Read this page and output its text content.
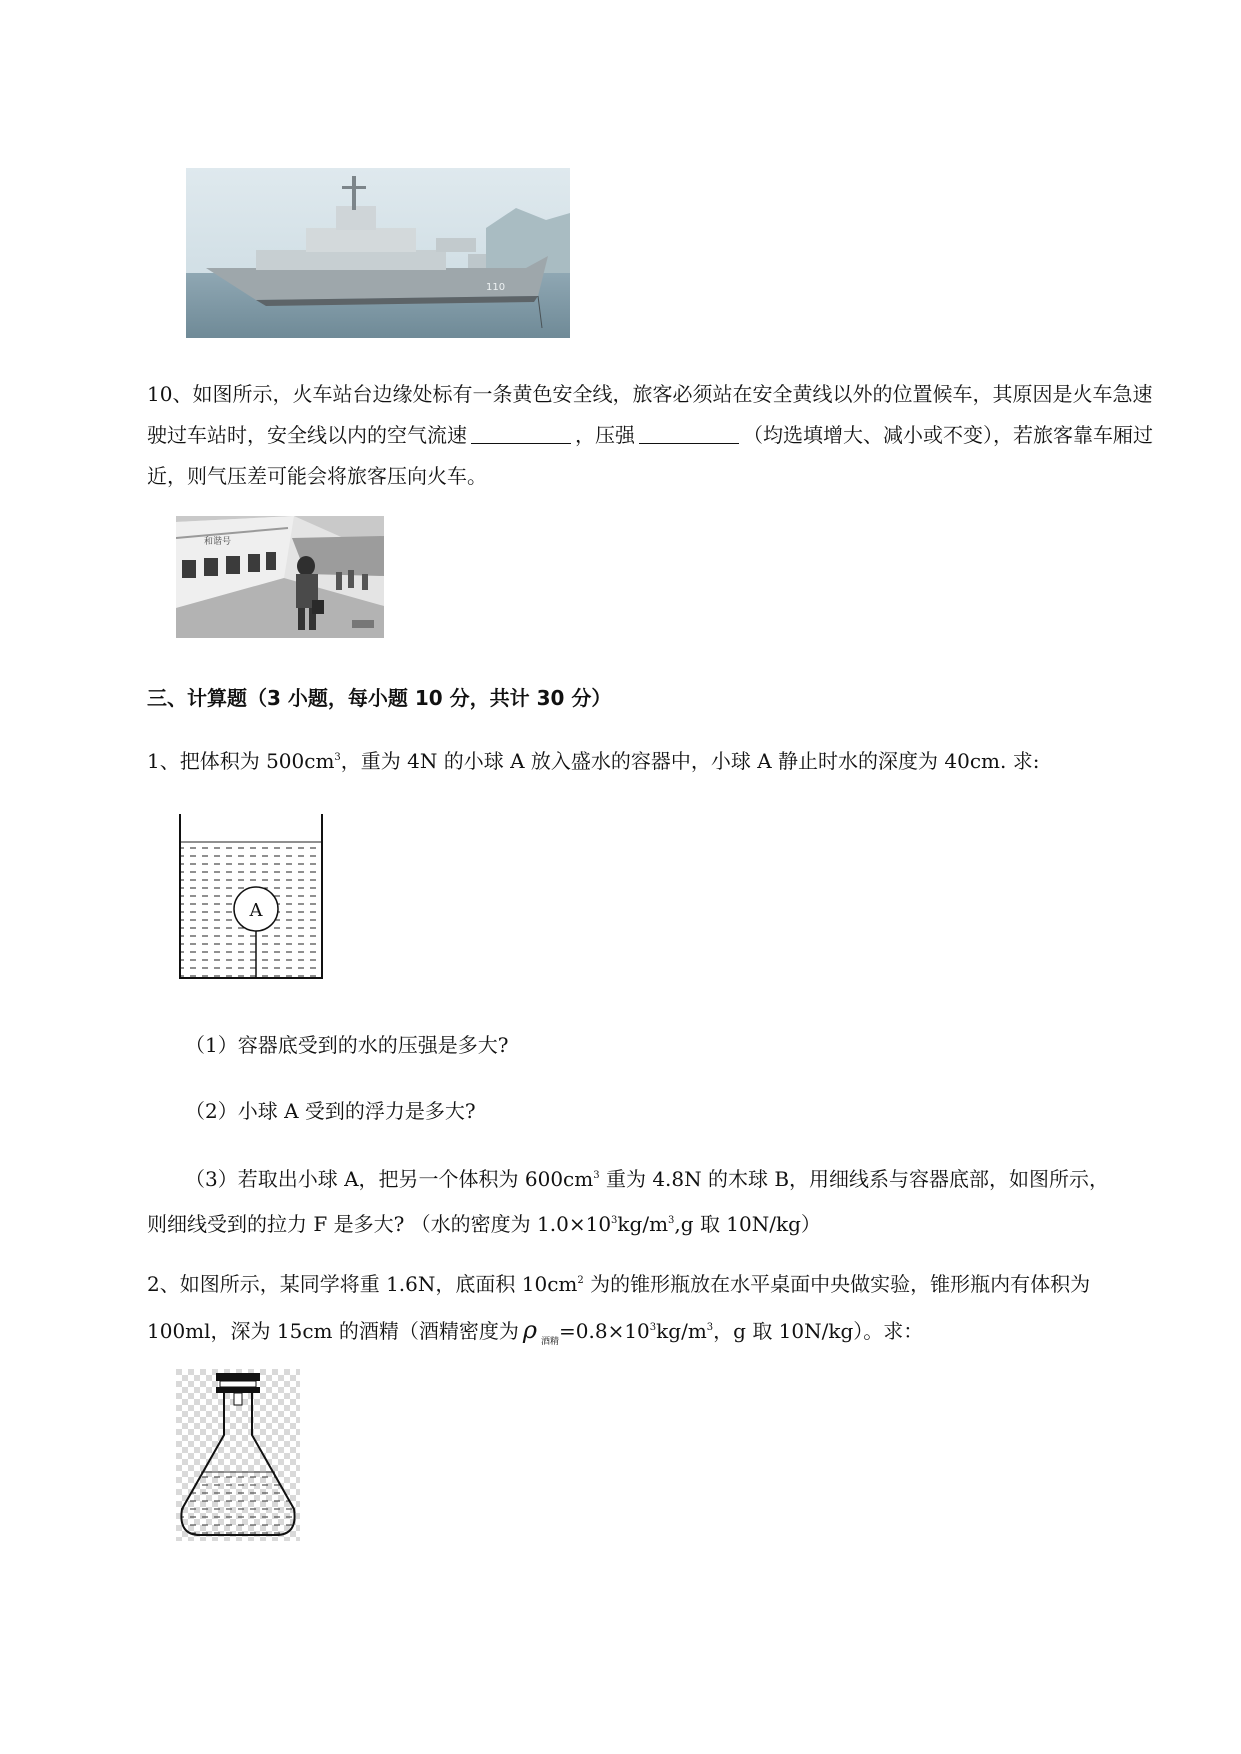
110
10、如图所示，火车站台边缘处标有一条黄色安全线，旅客必须站在安全黄线以外的位置候车，其原因是火车急速驶过车站时，安全线以内的空气流速	，压强	（均选填增大、减小或不变），若旅客靠车厢过近，则气压差可能会将旅客压向火车。
和谐号
三、计算题（3 小题，每小题 10 分，共计 30 分）
1、把体积为 $500cm^3$，重为 4N 的小球 A 放入盛水的容器中，小球 A 静止时水的深度为 40cm. 求:
A
（1）容器底受到的水的压强是多大?
（2）小球 A 受到的浮力是多大?
（3）若取出小球 A，把另一个体积为 $600cm^3$ 重为 4.8N 的木球 B，用细线系与容器底部，如图所示，
则细线受到的拉力 F 是多大? （水的密度为 $1.0\times 10^3kg/m^3,g$ 取 10N/kg）
2、如图所示，某同学将重 1.6N，底面积 $10cm^2$ 为的锥形瓶放在水平桌面中央做实验，锥形瓶内有体积为 100ml，深为 15cm 的酒精（酒精密度为 ρ $_{酒精}=0.8\times 10^3kg/m^3$，g 取 10N/kg）。求：
